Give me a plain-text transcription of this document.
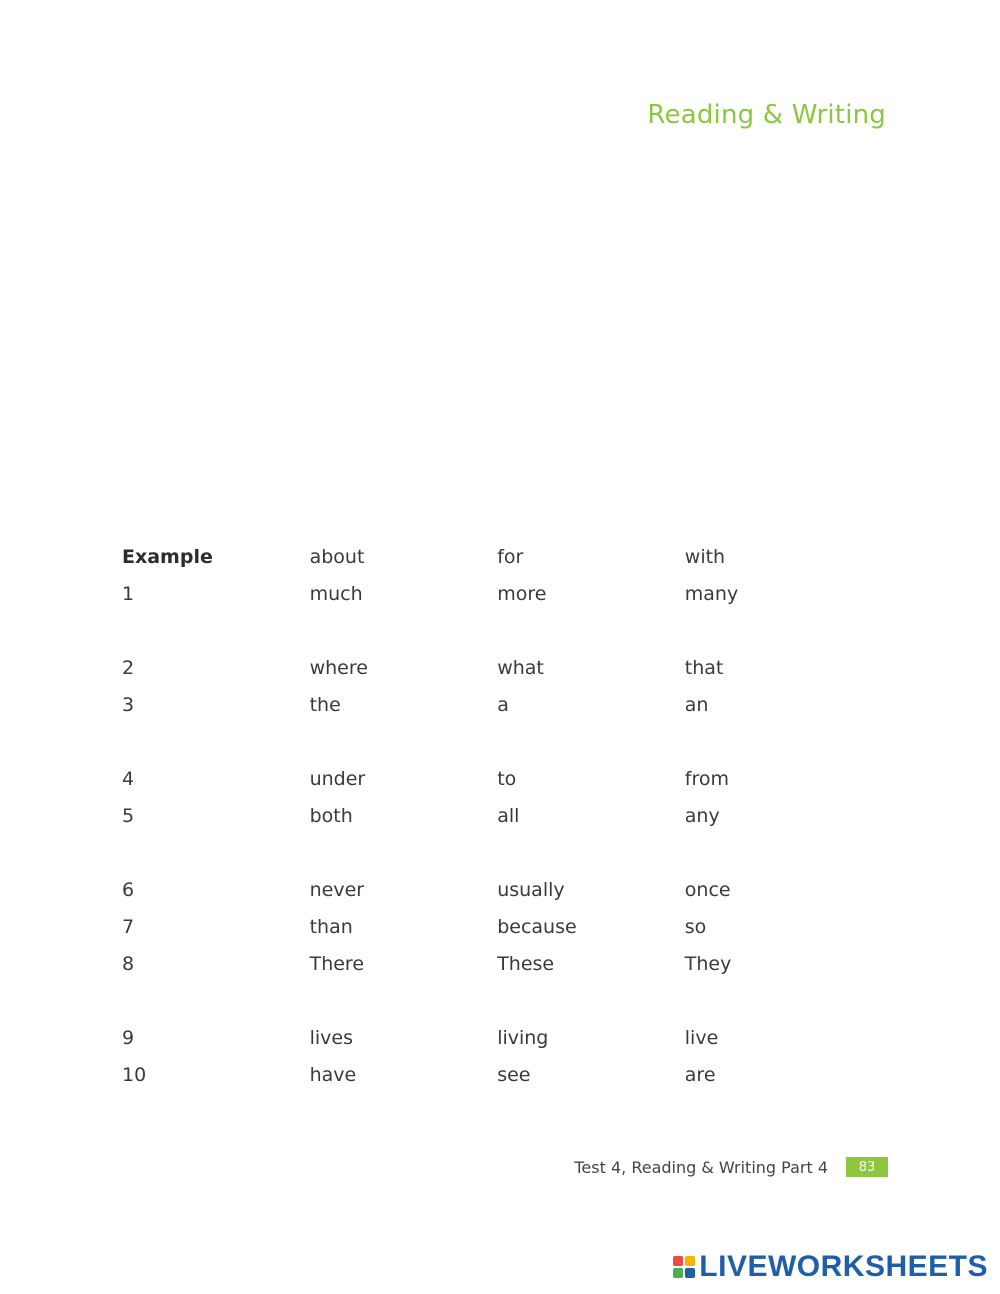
Reading & Writing
Example	about	for	with
1	much	more	many
2	where	what	that
3	the	a	an
4	under	to	from
5	both	all	any
6	never	usually	once
7	than	because	so
8	There	These	They
9	lives	living	live
10	have	see	are
Test 4, Reading & Writing Part 4	83
LIVEWORKSHEETS
